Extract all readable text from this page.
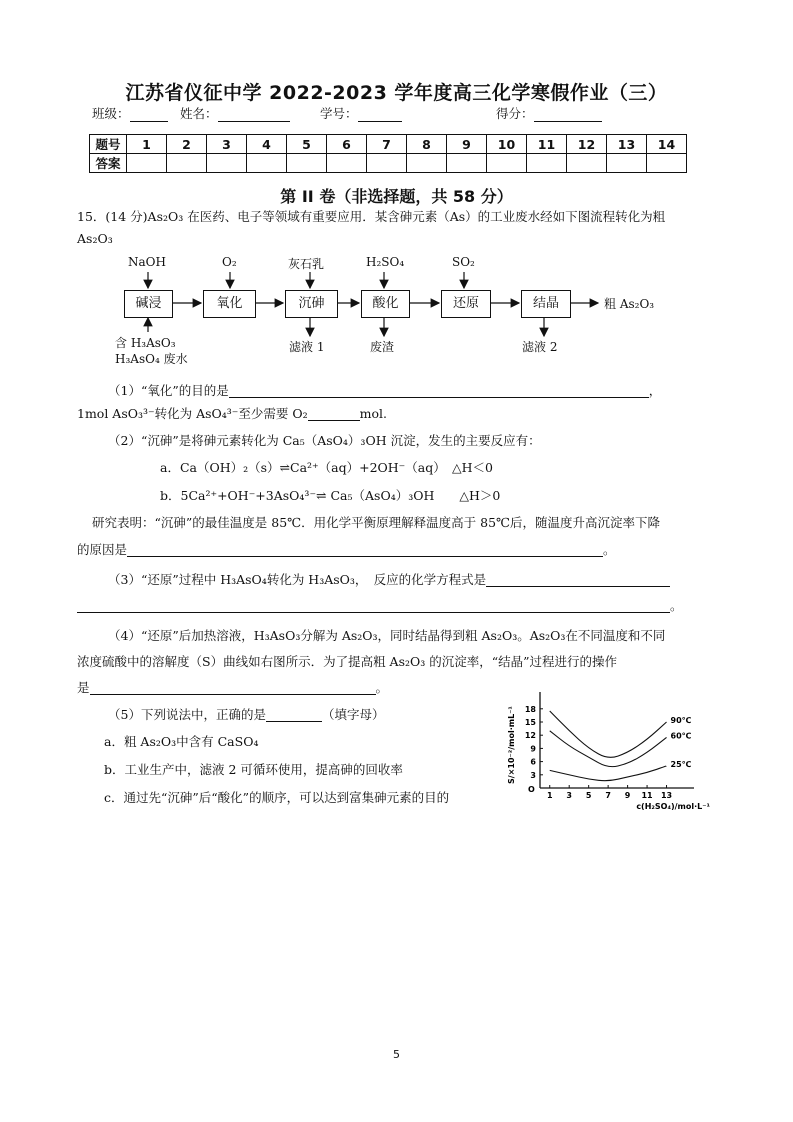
江苏省仪征中学 2022-2023 学年度高三化学寒假作业（三）
班级：	姓名：	学号：	得分：
题号	1	2	3	4	5	6	7	8	9	10	11	12	13	14
答案														
第 II 卷（非选择题，共 58 分）
15．(14 分)As₂O₃ 在医药、电子等领域有重要应用．某含砷元素（As）的工业废水经如下图流程转化为粗
As₂O₃
碱浸	氧化	沉砷	酸化	还原	结晶
NaOH	O₂	灰石乳	H₂SO₄	SO₂
粗 As₂O₃
含 H₃AsO₃
H₃AsO₄ 废水
滤液 1	废渣	滤液 2
（1）“氧化”的目的是	，
1mol AsO₃³⁻转化为 AsO₄³⁻至少需要 O₂	mol.
（2）“沉砷”是将砷元素转化为 Ca₅（AsO₄）₃OH 沉淀，发生的主要反应有：
a．Ca（OH）₂（s）⇌Ca²⁺（aq）+2OH⁻（aq）　△H＜0
b．5Ca²⁺+OH⁻+3AsO₄³⁻⇌ Ca₅（AsO₄）₃OH　　△H＞0
研究表明：“沉砷”的最佳温度是 85℃．用化学平衡原理解释温度高于 85℃后，随温度升高沉淀率下降
的原因是	。
（3）“还原”过程中 H₃AsO₄转化为 H₃AsO₃，　反应的化学方程式是
。
（4）“还原”后加热溶液，H₃AsO₃分解为 As₂O₃，同时结晶得到粗 As₂O₃。As₂O₃在不同温度和不同
浓度硫酸中的溶解度（S）曲线如右图所示．为了提高粗 As₂O₃ 的沉淀率，“结晶”过程进行的操作
是	。
（5）下列说法中，正确的是	（填字母）
a．粗 As₂O₃中含有 CaSO₄
b．工业生产中，滤液 2 可循环使用，提高砷的回收率
c．通过先“沉砷”后“酸化”的顺序，可以达到富集砷元素的目的
O
3
6
9
12
15
18
1 3 5 7 9 11 13
c(H₂SO₄)/mol·L⁻¹
S/×10⁻²/mol·mL⁻¹	90℃
60℃
25℃
5
